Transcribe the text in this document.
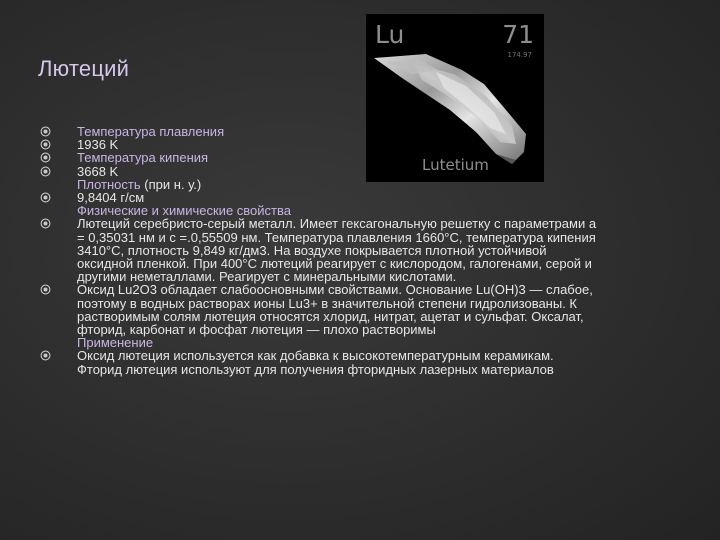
Лютеций
Lu	71
174.97
Lutetium
Температура плавления
1936 K
Температура кипения
3668 K
Плотность (при н. у.)
9,8404 г/см
Физические и химические свойства
Лютеций серебристо-серый металл. Имеет гексагональную решетку с параметрами a = 0,35031 нм и c =.0,55509 нм. Температура плавления 1660°С, температура кипения 3410°С, плотность 9,849 кг/дм3. На воздухе покрывается плотной устойчивой оксидной пленкой. При 400°С лютеций реагирует с кислородом, галогенами, серой и другими неметаллами. Реагирует с минеральными кислотами.
Оксид Lu2O3 обладает слабоосновными свойствами. Основание Lu(OH)3 — слабое, поэтому в водных растворах ионы Lu3+ в значительной степени гидролизованы. К растворимым солям лютеция относятся хлорид, нитрат, ацетат и сульфат. Оксалат, фторид, карбонат и фосфат лютеция — плохо растворимы
Применение
Оксид лютеция используется как добавка к высокотемпературным керамикам. Фторид лютеция используют для получения фторидных лазерных материалов
